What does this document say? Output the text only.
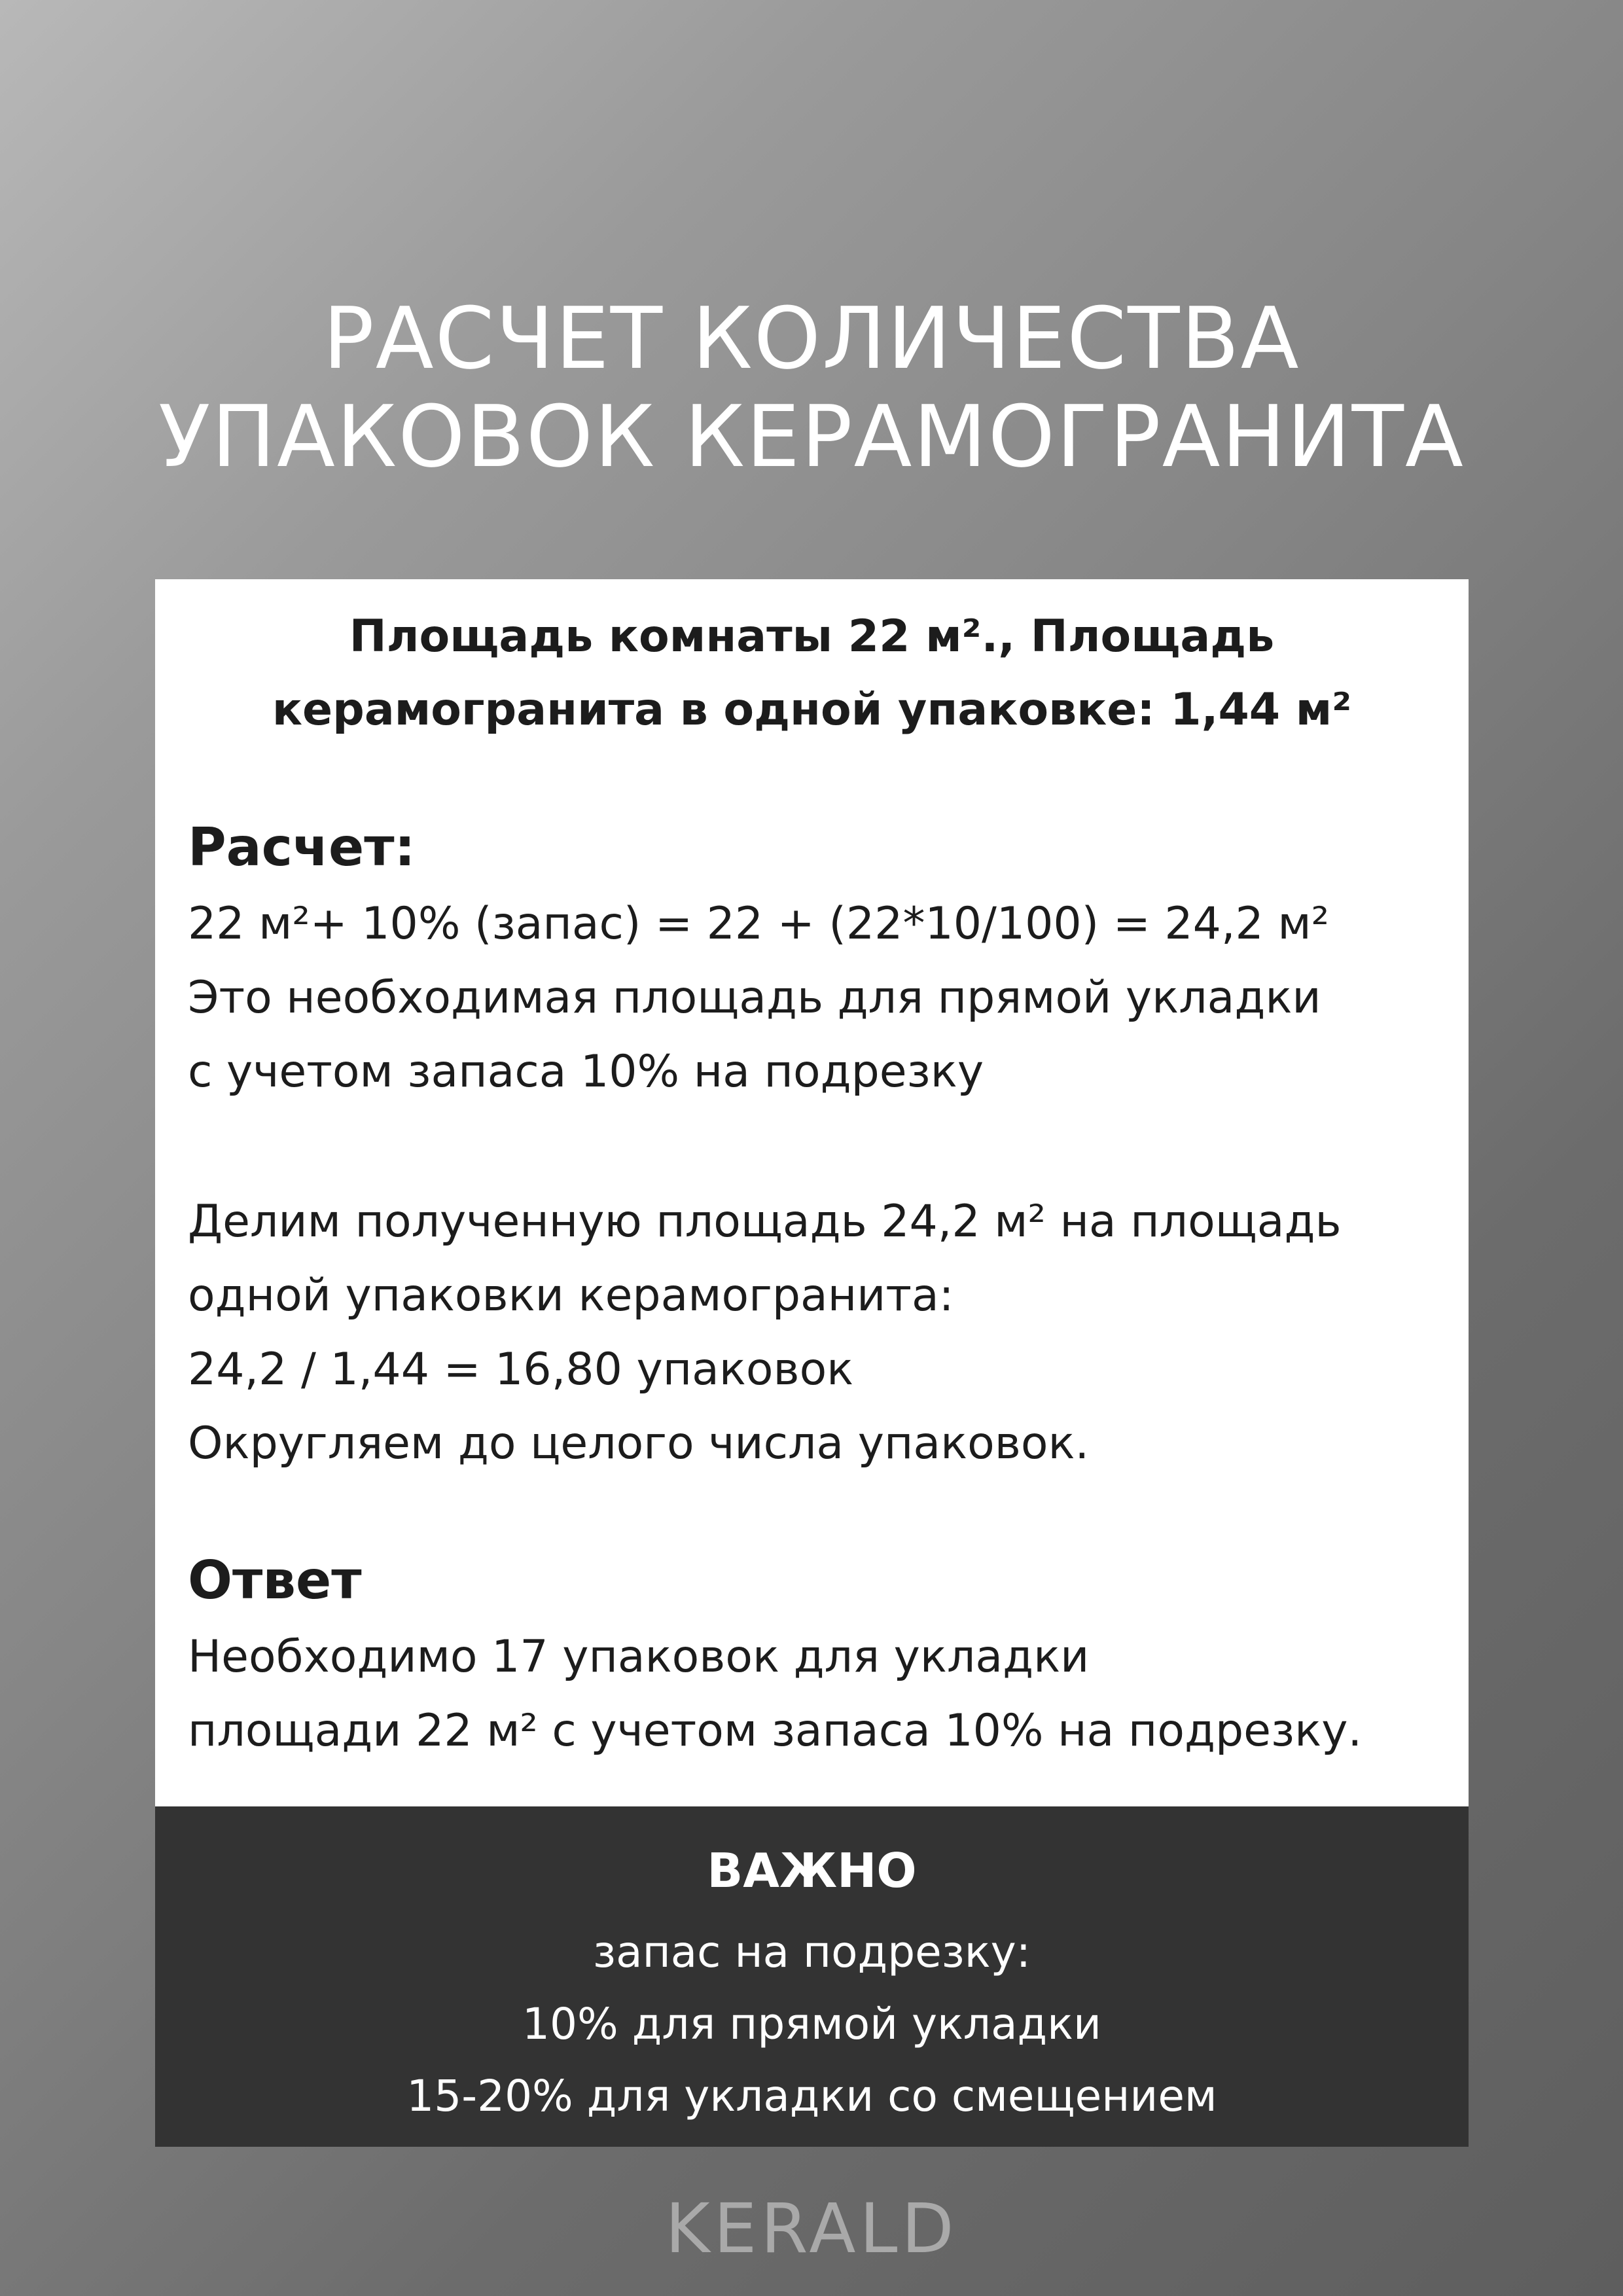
РАСЧЕТ КОЛИЧЕСТВА
УПАКОВОК КЕРАМОГРАНИТА
Площадь комнаты 22 м²., Площадь
керамогранита в одной упаковке: 1,44 м²
Расчет:
22 м²+ 10% (запас) = 22 + (22*10/100) = 24,2 м²
Это необходимая площадь для прямой укладки
с учетом запаса 10% на подрезку
Делим полученную площадь 24,2 м² на площадь
одной упаковки керамогранита:
24,2 / 1,44 = 16,80 упаковок
Округляем до целого числа упаковок.
Ответ
Необходимо 17 упаковок для укладки
площади 22 м² с учетом запаса 10% на подрезку.
ВАЖНО
запас на подрезку:
10% для прямой укладки
15-20% для укладки со смещением
KERALD
